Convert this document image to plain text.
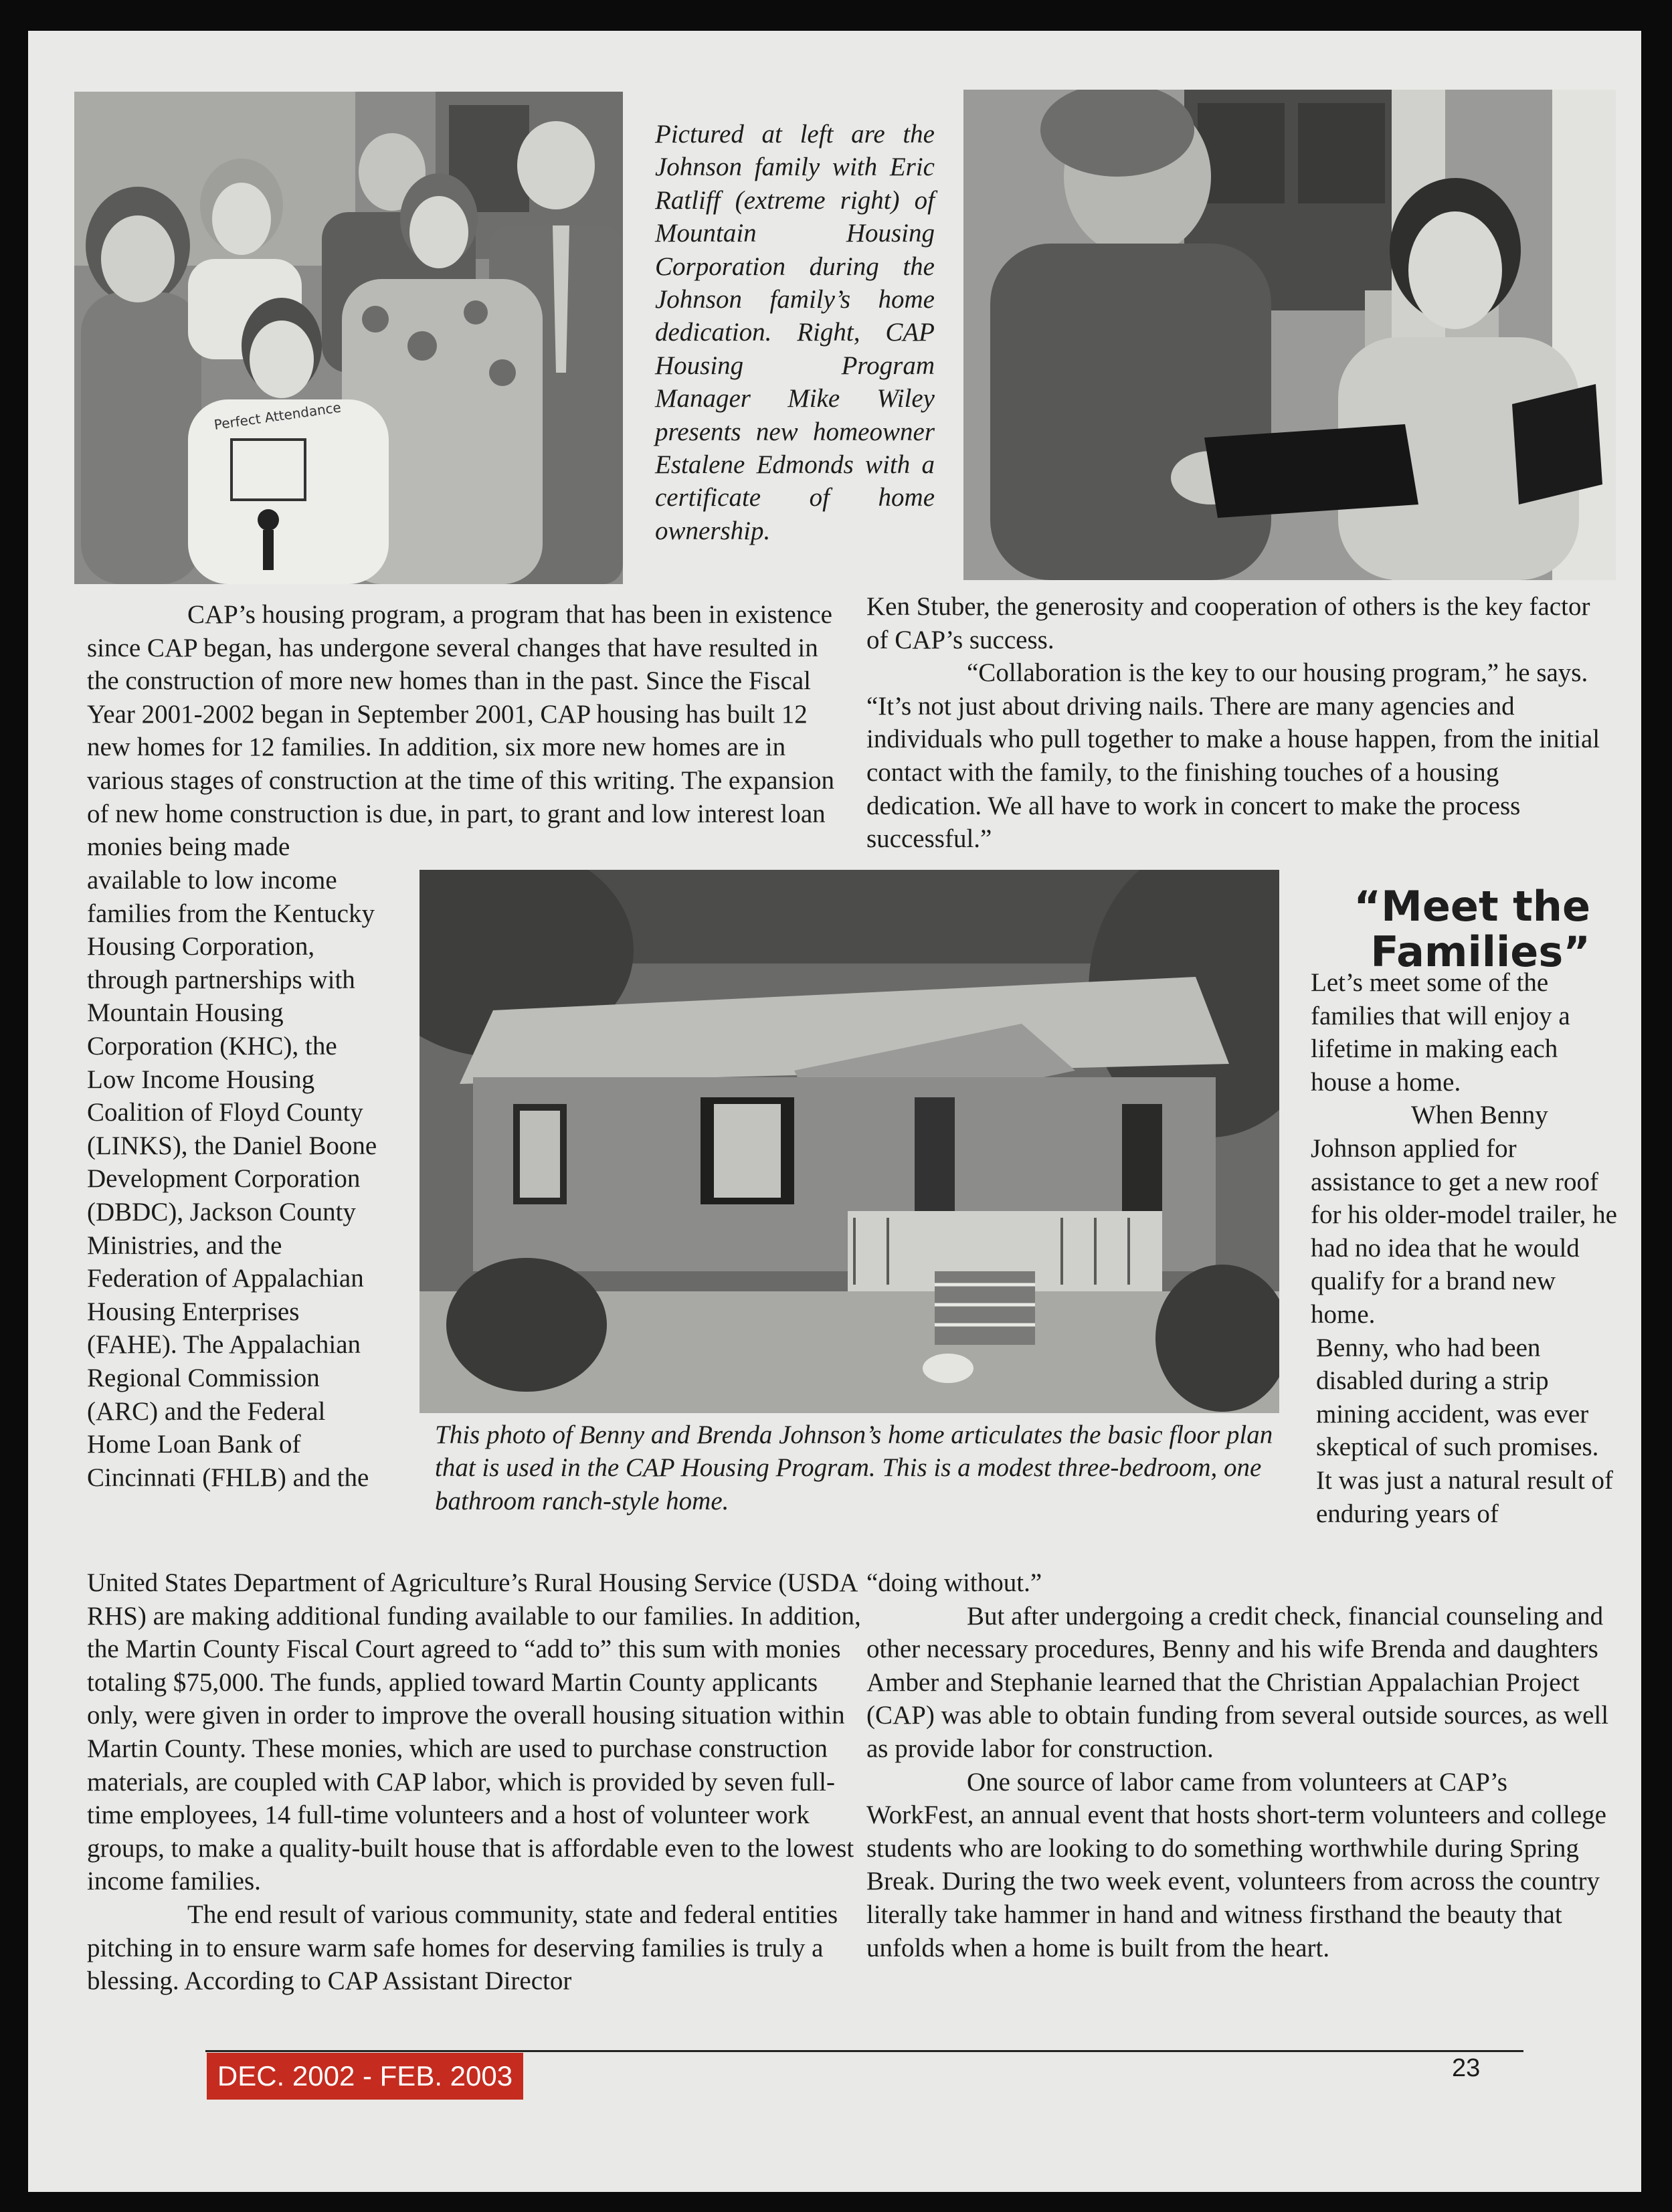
Perfect Attendance
Pictured at left are the Johnson family with Eric Ratliff (extreme right) of Mountain Housing Corporation during the Johnson family’s home dedication. Right, CAP Housing Program Manager Mike Wiley presents new homeowner Estalene Edmonds with a certificate of home ownership.

CAP’s housing program, a program that has been in existence since CAP began, has undergone several changes that have resulted in the construction of more new homes than in the past. Since the Fiscal Year 2001-2002 began in September 2001, CAP housing has built 12 new homes for 12 families. In addition, six more new homes are in various stages of construction at the time of this writing. The expansion of new home construction is due, in part, to grant and low interest loan monies being made

available to low income families from the Kentucky Housing Corporation, through partnerships with Mountain Housing Corporation (KHC), the Low Income Housing Coalition of Floyd County (LINKS), the Daniel Boone Development Corporation (DBDC), Jackson County Ministries, and the Federation of Appalachian Housing Enterprises (FAHE). The Appalachian Regional Commission (ARC) and the Federal Home Loan Bank of Cincinnati (FHLB) and the

United States Department of Agriculture’s Rural Housing Service (USDA RHS) are making additional funding available to our families. In addition, the Martin County Fiscal Court agreed to “add to” this sum with monies totaling $75,000. The funds, applied toward Martin County applicants only, were given in order to improve the overall housing situation within Martin County. These monies, which are used to purchase construction materials, are coupled with CAP labor, which is provided by seven full-time employees, 14 full-time volunteers and a host of volunteer work groups, to make a quality-built house that is affordable even to the lowest income families.

The end result of various community, state and federal entities pitching in to ensure warm safe homes for deserving families is truly a blessing. According to CAP Assistant Director

Ken Stuber, the generosity and cooperation of others is the key factor of CAP’s success.

“Collaboration is the key to our housing program,” he says. “It’s not just about driving nails. There are many agencies and individuals who pull together to make a house happen, from the initial contact with the family, to the finishing touches of a housing dedication. We all have to work in concert to make the process successful.”

This photo of Benny and Brenda Johnson’s home articulates the basic floor plan that is used in the CAP Housing Program. This is a modest three-bedroom, one bathroom ranch-style home.
“Meet the Families”

Let’s meet some of the families that will enjoy a lifetime in making each house a home.

When Benny Johnson applied for assistance to get a new roof for his older-model trailer, he had no idea that he would qualify for a brand new home.

Benny, who had been disabled during a strip mining accident, was ever skeptical of such promises. It was just a natural result of enduring years of

“doing without.”

But after undergoing a credit check, financial counseling and other necessary procedures, Benny and his wife Brenda and daughters Amber and Stephanie learned that the Christian Appalachian Project (CAP) was able to obtain funding from several outside sources, as well as provide labor for construction.

One source of labor came from volunteers at CAP’s WorkFest, an annual event that hosts short-term volunteers and college students who are looking to do something worthwhile during Spring Break. During the two week event, volunteers from across the country literally take hammer in hand and witness firsthand the beauty that unfolds when a home is built from the heart.

DEC. 2002 - FEB. 2003	23
